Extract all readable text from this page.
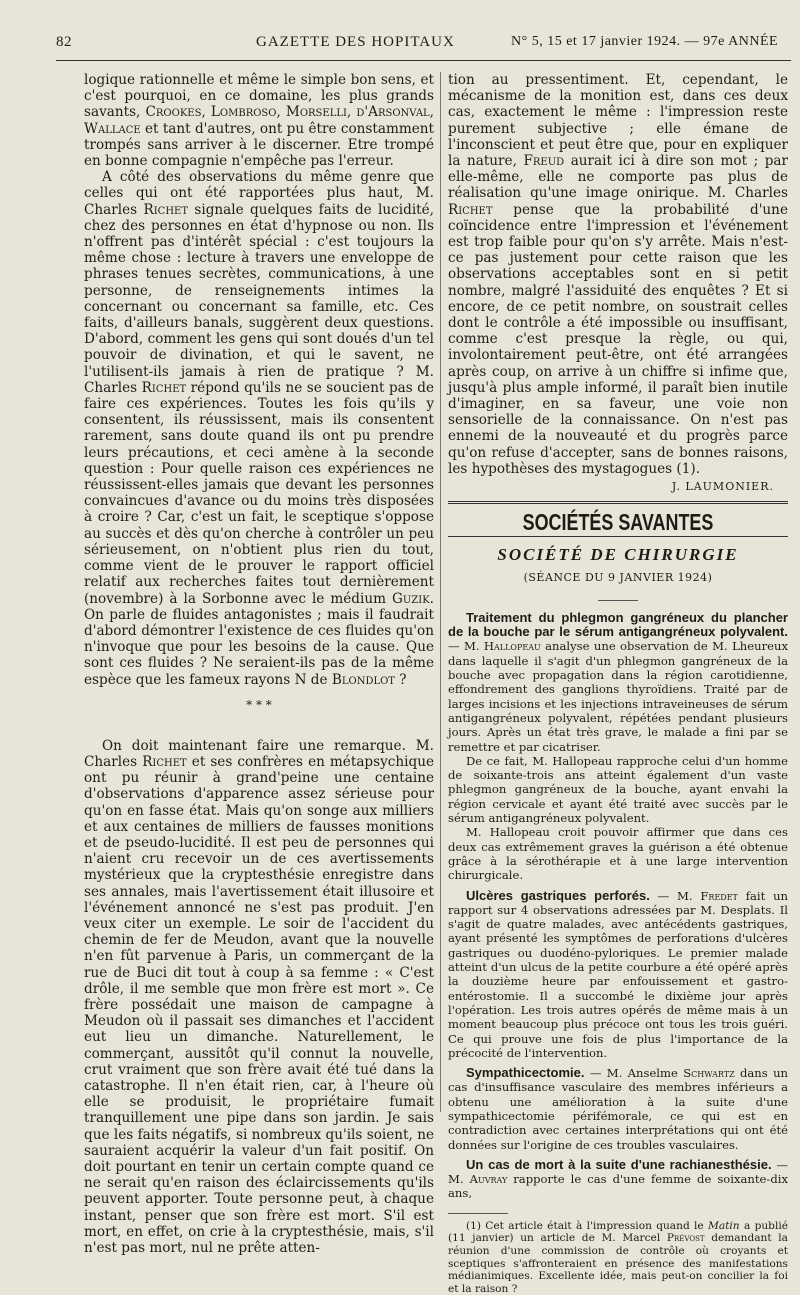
82	GAZETTE DES HOPITAUX	N° 5, 15 et 17 janvier 1924. — 97e ANNÉE

logique rationnelle et même le simple bon sens, et c'est pourquoi, en ce domaine, les plus grands savants, Crookes, Lombroso, Morselli, d'Arsonval, Wallace et tant d'autres, ont pu être constamment trompés sans arriver à le discerner. Etre trompé en bonne compagnie n'empêche pas l'erreur.

A côté des observations du même genre que celles qui ont été rapportées plus haut, M. Charles Richet signale quelques faits de lucidité, chez des personnes en état d'hypnose ou non. Ils n'offrent pas d'intérêt spécial : c'est toujours la même chose : lecture à travers une enveloppe de phrases tenues secrètes, communications, à une personne, de renseignements intimes la concernant ou concernant sa famille, etc. Ces faits, d'ailleurs banals, suggèrent deux questions. D'abord, comment les gens qui sont doués d'un tel pouvoir de divination, et qui le savent, ne l'utilisent-ils jamais à rien de pratique ? M. Charles Richet répond qu'ils ne se soucient pas de faire ces expériences. Toutes les fois qu'ils y consentent, ils réussissent, mais ils consentent rarement, sans doute quand ils ont pu prendre leurs précautions, et ceci amène à la seconde question : Pour quelle raison ces expériences ne réussissent-elles jamais que devant les personnes convaincues d'avance ou du moins très disposées à croire ? Car, c'est un fait, le sceptique s'oppose au succès et dès qu'on cherche à contrôler un peu sérieusement, on n'obtient plus rien du tout, comme vient de le prouver le rapport officiel relatif aux recherches faites tout dernièrement (novembre) à la Sorbonne avec le médium Guzik. On parle de fluides antagonistes ; mais il faudrait d'abord démontrer l'existence de ces fluides qu'on n'invoque que pour les besoins de la cause. Que sont ces fluides ? Ne seraient-ils pas de la même espèce que les fameux rayons N de Blondlot ?

* * *

On doit maintenant faire une remarque. M. Charles Richet et ses confrères en métapsychique ont pu réunir à grand'peine une centaine d'observations d'apparence assez sérieuse pour qu'on en fasse état. Mais qu'on songe aux milliers et aux centaines de milliers de fausses monitions et de pseudo-lucidité. Il est peu de personnes qui n'aient cru recevoir un de ces avertissements mystérieux que la cryptesthésie enregistre dans ses annales, mais l'avertissement était illusoire et l'événement annoncé ne s'est pas produit. J'en veux citer un exemple. Le soir de l'accident du chemin de fer de Meudon, avant que la nouvelle n'en fût parvenue à Paris, un commerçant de la rue de Buci dit tout à coup à sa femme : « C'est drôle, il me semble que mon frère est mort ». Ce frère possédait une maison de campagne à Meudon où il passait ses dimanches et l'accident eut lieu un dimanche. Naturellement, le commerçant, aussitôt qu'il connut la nouvelle, crut vraiment que son frère avait été tué dans la catastrophe. Il n'en était rien, car, à l'heure où elle se produisit, le propriétaire fumait tranquillement une pipe dans son jardin. Je sais que les faits négatifs, si nombreux qu'ils soient, ne sauraient acquérir la valeur d'un fait positif. On doit pourtant en tenir un certain compte quand ce ne serait qu'en raison des éclaircissements qu'ils peuvent apporter. Toute personne peut, à chaque instant, penser que son frère est mort. S'il est mort, en effet, on crie à la cryptesthésie, mais, s'il n'est pas mort, nul ne prête atten-

tion au pressentiment. Et, cependant, le mécanisme de la monition est, dans ces deux cas, exactement le même : l'impression reste purement subjective ; elle émane de l'inconscient et peut être que, pour en expliquer la nature, Freud aurait ici à dire son mot ; par elle-même, elle ne comporte pas plus de réalisation qu'une image onirique. M. Charles Richet pense que la probabilité d'une coïncidence entre l'impression et l'événement est trop faible pour qu'on s'y arrête. Mais n'est-ce pas justement pour cette raison que les observations acceptables sont en si petit nombre, malgré l'assiduité des enquêtes ? Et si encore, de ce petit nombre, on soustrait celles dont le contrôle a été impossible ou insuffisant, comme c'est presque la règle, ou qui, involontairement peut-être, ont été arrangées après coup, on arrive à un chiffre si infime que, jusqu'à plus ample informé, il paraît bien inutile d'imaginer, en sa faveur, une voie non sensorielle de la connaissance. On n'est pas ennemi de la nouveauté et du progrès parce qu'on refuse d'accepter, sans de bonnes raisons, les hypothèses des mystagogues (1).

J. LAUMONIER.
SOCIÉTÉS SAVANTES
SOCIÉTÉ DE CHIRURGIE
(SÉANCE DU 9 JANVIER 1924)

Traitement du phlegmon gangréneux du plancher de la bouche par le sérum antigangréneux polyvalent. — M. Hallopeau analyse une observation de M. Lheureux dans laquelle il s'agit d'un phlegmon gangréneux de la bouche avec propagation dans la région carotidienne, effondrement des ganglions thyroïdiens. Traité par de larges incisions et les injections intraveineuses de sérum antigangréneux polyvalent, répétées pendant plusieurs jours. Après un état très grave, le malade a fini par se remettre et par cicatriser.

De ce fait, M. Hallopeau rapproche celui d'un homme de soixante-trois ans atteint également d'un vaste phlegmon gangréneux de la bouche, ayant envahi la région cervicale et ayant été traité avec succès par le sérum antigangréneux polyvalent.

M. Hallopeau croit pouvoir affirmer que dans ces deux cas extrêmement graves la guérison a été obtenue grâce à la sérothérapie et à une large intervention chirurgicale.

Ulcères gastriques perforés. — M. Fredet fait un rapport sur 4 observations adressées par M. Desplats. Il s'agit de quatre malades, avec antécédents gastriques, ayant présenté les symptômes de perforations d'ulcères gastriques ou duodéno-pyloriques. Le premier malade atteint d'un ulcus de la petite courbure a été opéré après la douzième heure par enfouissement et gastro-entérostomie. Il a succombé le dixième jour après l'opération. Les trois autres opérés de même mais à un moment beaucoup plus précoce ont tous les trois guéri. Ce qui prouve une fois de plus l'importance de la précocité de l'intervention.

Sympathicectomie. — M. Anselme Schwartz dans un cas d'insuffisance vasculaire des membres inférieurs a obtenu une amélioration à la suite d'une sympathicectomie périfémorale, ce qui est en contradiction avec certaines interprétations qui ont été données sur l'origine de ces troubles vasculaires.

Un cas de mort à la suite d'une rachianesthésie. — M. Auvray rapporte le cas d'une femme de soixante-dix ans,

(1) Cet article était à l'impression quand le Matin a publié (11 janvier) un article de M. Marcel Prévost demandant la réunion d'une commission de contrôle où croyants et sceptiques s'affronteraient en présence des manifestations médianimiques. Excellente idée, mais peut-on concilier la foi et la raison ?
